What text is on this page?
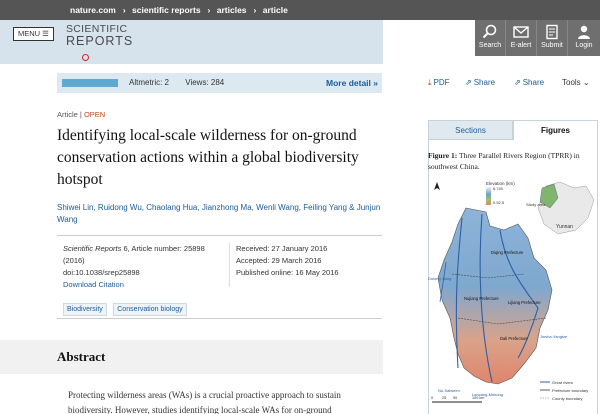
nature.com › scientific reports › articles › article
MENU ☰	SCIENTIFIC
REPORTS	Search	E-alert	Submit	Login
Altmetric: 2 Views: 284	More detail »
Article | OPEN
Identifying local-scale wilderness for on-ground conservation actions within a global biodiversity hotspot
Shiwei Lin, Ruidong Wu, Chaolang Hua, Jianzhong Ma, Wenli Wang, Feiling Yang & Junjun Wang
Scientific Reports 6, Article number: 25898 (2016)
doi:10.1038/srep25898
Download Citation
Received: 27 January 2016
Accepted: 29 March 2016
Published online: 16 May 2016
Biodiversity Conservation biology
Abstract
Protecting wilderness areas (WAs) is a crucial proactive approach to sustain biodiversity. However, studies identifying local-scale WAs for on-ground
⤓ PDF ⇗ Share ⇗ Share Tools ⌄
Sections	Figures
Figure 1: Three Parallel Rivers Region (TPRR) in southwest China.
Elevation (km)
6.740
0.52.5	Study area
Yunnan
Diqing Prefecture
Nujiang Prefecture
Lijiang Prefecture
Dali Prefecture
Dulong Jiang
Nu-Salween
Lancang-Mekong
Jinsha-Yangtze
Great rivers
Prefecture boundary
County boundary
0 25 50	100 km
